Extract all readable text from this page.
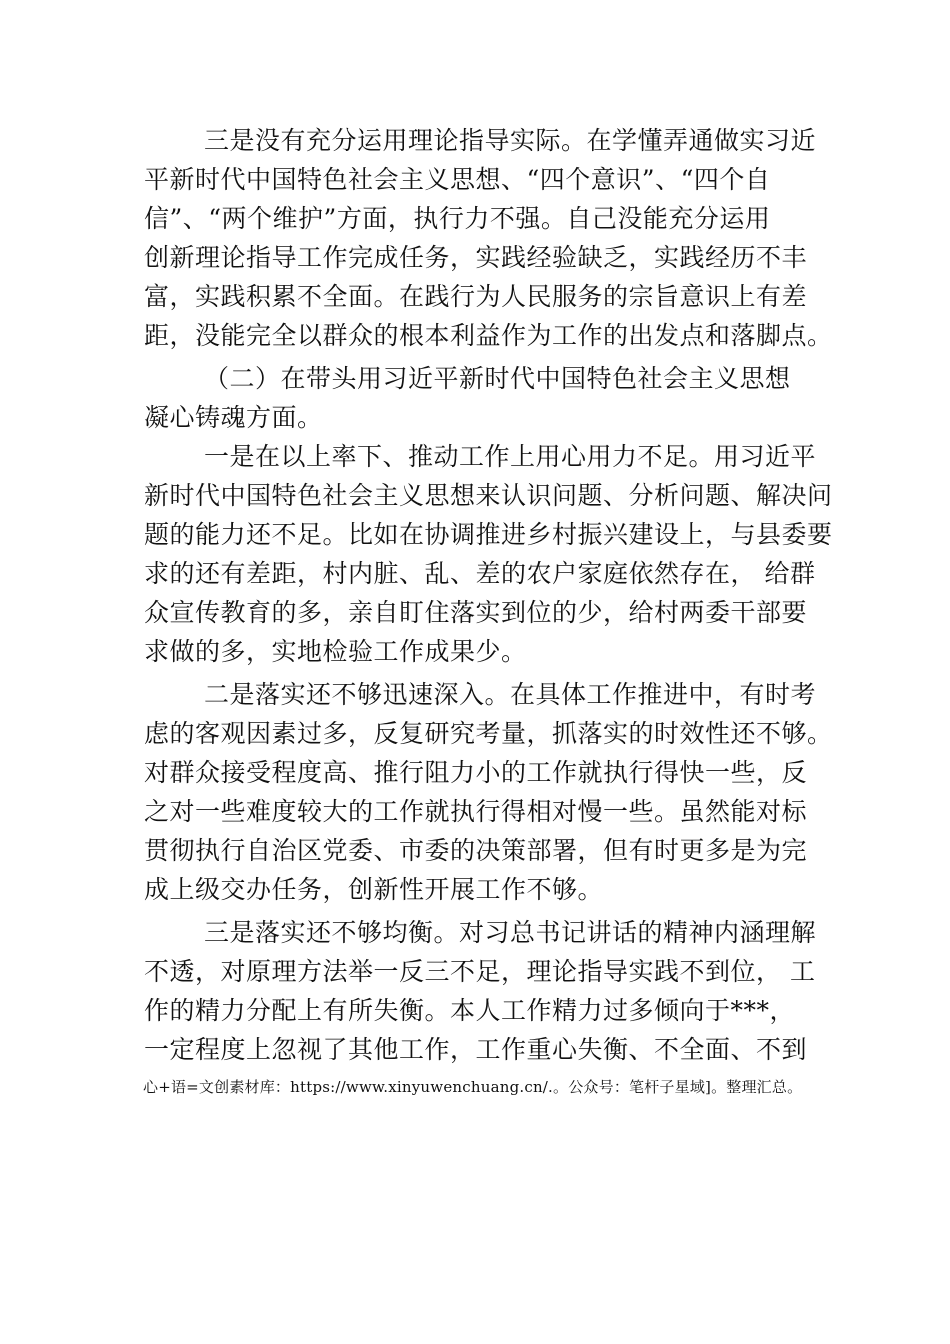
三是没有充分运用理论指导实际。在学懂弄通做实习近
平新时代中国特色社会主义思想、“四个意识”、“四个自
信”、“两个维护”方面，执行力不强。自己没能充分运用
创新理论指导工作完成任务，实践经验缺乏，实践经历不丰
富，实践积累不全面。在践行为人民服务的宗旨意识上有差
距，没能完全以群众的根本利益作为工作的出发点和落脚点。
（二）在带头用习近平新时代中国特色社会主义思想
凝心铸魂方面。
一是在以上率下、推动工作上用心用力不足。用习近平
新时代中国特色社会主义思想来认识问题、分析问题、解决问
题的能力还不足。比如在协调推进乡村振兴建设上，与县委要
求的还有差距，村内脏、乱、差的农户家庭依然存在， 给群
众宣传教育的多，亲自盯住落实到位的少，给村两委干部要
求做的多，实地检验工作成果少。
二是落实还不够迅速深入。在具体工作推进中，有时考
虑的客观因素过多，反复研究考量，抓落实的时效性还不够。
对群众接受程度高、推行阻力小的工作就执行得快一些，反
之对一些难度较大的工作就执行得相对慢一些。虽然能对标
贯彻执行自治区党委、市委的决策部署，但有时更多是为完
成上级交办任务，创新性开展工作不够。
三是落实还不够均衡。对习总书记讲话的精神内涵理解
不透，对原理方法举一反三不足，理论指导实践不到位， 工
作的精力分配上有所失衡。本人工作精力过多倾向于***，
一定程度上忽视了其他工作，工作重心失衡、不全面、不到
心+语=文创素材库：https://www.xinyuwenchuang.cn/.。公众号：笔杆子星域]。整理汇总。
